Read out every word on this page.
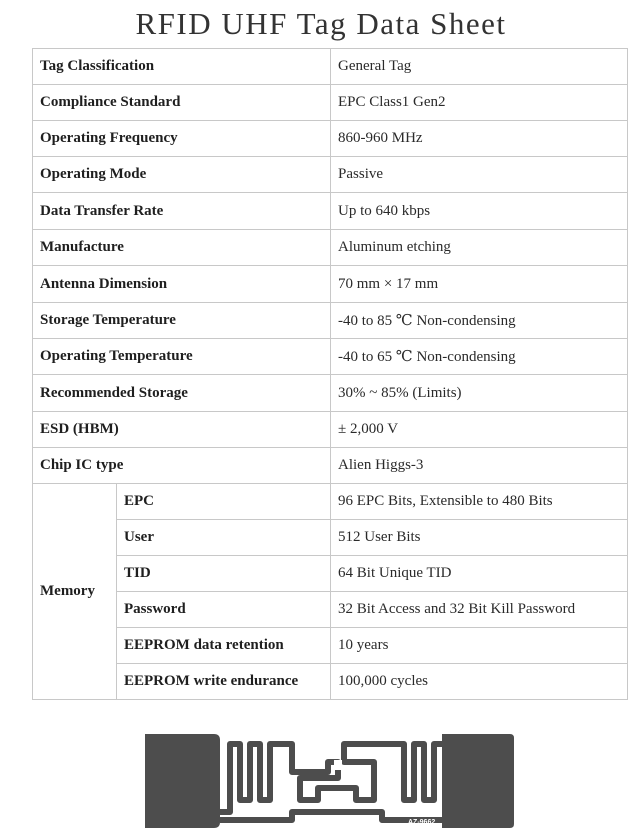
RFID UHF Tag Data Sheet
Tag Classification		General Tag
Compliance Standard		EPC Class1 Gen2
Operating Frequency		860-960 MHz
Operating Mode		Passive
Data Transfer Rate		Up to 640 kbps
Manufacture		Aluminum etching
Antenna Dimension		70 mm × 17 mm
Storage Temperature		-40 to 85 ℃ Non-condensing
Operating Temperature		-40 to 65 ℃ Non-condensing
Recommended Storage		30% ~ 85% (Limits)
ESD (HBM)		± 2,000 V
Chip IC type		Alien Higgs-3
Memory	EPC	96 EPC Bits, Extensible to 480 Bits
	User	512 User Bits
	TID	64 Bit Unique TID
	Password	32 Bit Access and 32 Bit Kill Password
	EEPROM data retention	10 years
	EEPROM write endurance	100,000 cycles
AZ-9662
